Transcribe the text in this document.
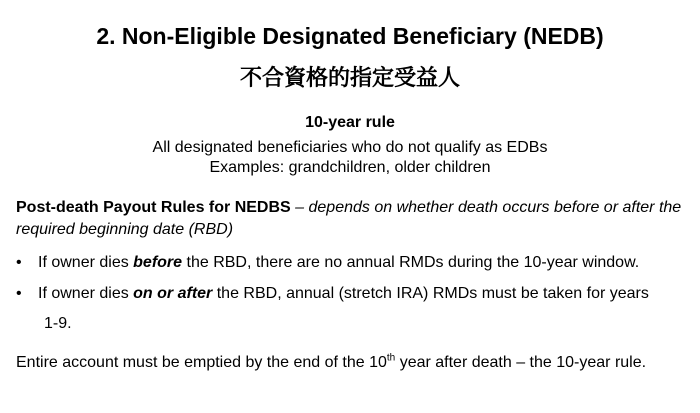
2. Non-Eligible Designated Beneficiary (NEDB)
不合資格的指定受益人
10-year rule
All designated beneficiaries who do not qualify as EDBs
Examples: grandchildren, older children
Post-death Payout Rules for NEDBS – depends on whether death occurs before or after the required beginning date (RBD)
•	If owner dies before the RBD, there are no annual RMDs during the 10-year window.
•	If owner dies on or after the RBD, annual (stretch IRA) RMDs must be taken for years
1-9.
Entire account must be emptied by the end of the 10th year after death – the 10-year rule.
